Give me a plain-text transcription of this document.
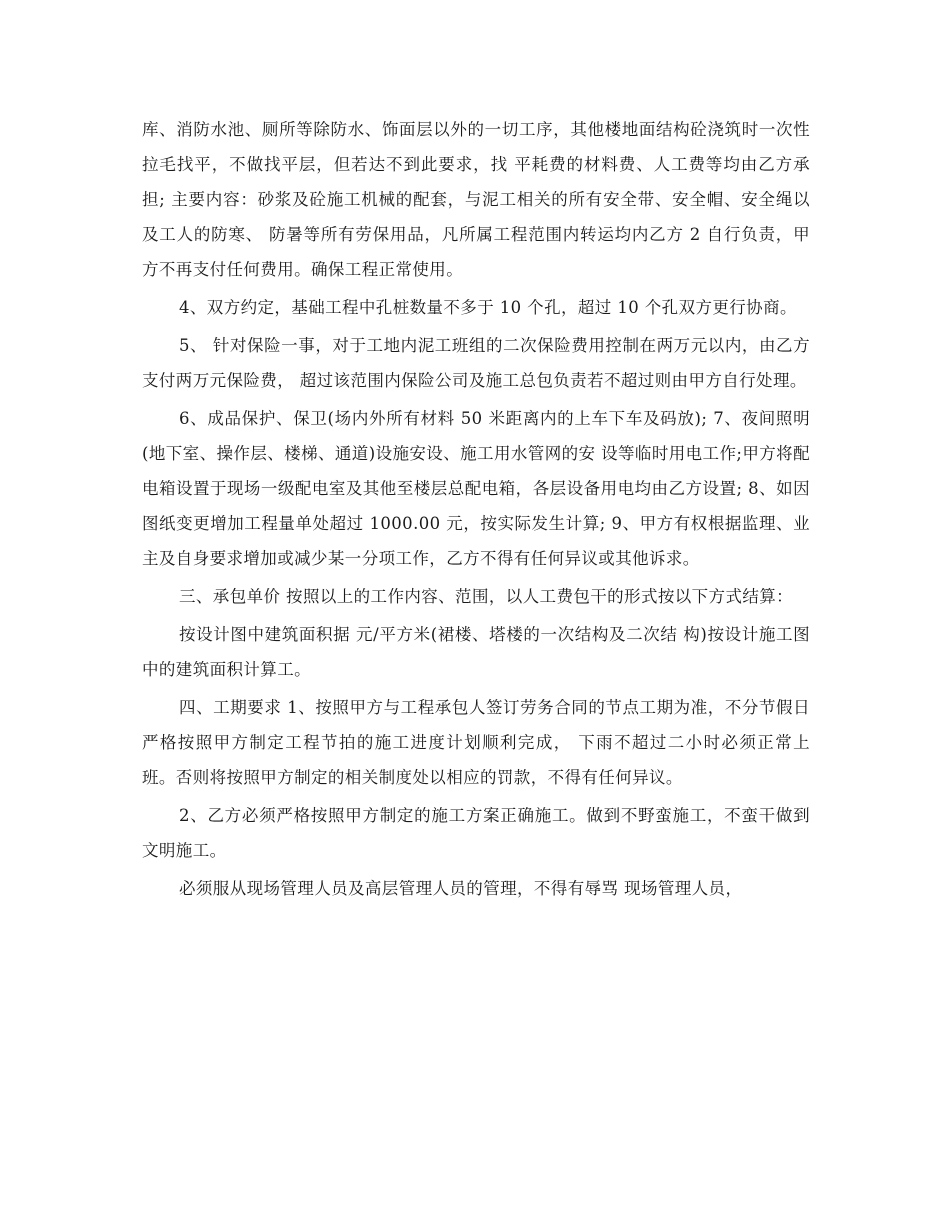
库、消防水池、厕所等除防水、饰面层以外的一切工序，其他楼地面结构砼浇筑时一次性拉毛找平，不做找平层，但若达不到此要求，找 平耗费的材料费、人工费等均由乙方承担; 主要内容：砂浆及砼施工机械的配套，与泥工相关的所有安全带、安全帽、安全绳以及工人的防寒、 防暑等所有劳保用品，凡所属工程范围内转运均内乙方 2 自行负责，甲方不再支付任何费用。确保工程正常使用。

4、双方约定，基础工程中孔桩数量不多于 10 个孔，超过 10 个孔双方更行协商。

5、 针对保险一事，对于工地内泥工班组的二次保险费用控制在两万元以内，由乙方支付两万元保险费， 超过该范围内保险公司及施工总包负责若不超过则由甲方自行处理。

6、成品保护、保卫(场内外所有材料 50 米距离内的上车下车及码放); 7、夜间照明(地下室、操作层、楼梯、通道)设施安设、施工用水管网的安 设等临时用电工作;甲方将配电箱设置于现场一级配电室及其他至楼层总配电箱，各层设备用电均由乙方设置; 8、如因图纸变更增加工程量单处超过 1000.00 元，按实际发生计算; 9、甲方有权根据监理、业主及自身要求增加或减少某一分项工作，乙方不得有任何异议或其他诉求。

三、承包单价 按照以上的工作内容、范围，以人工费包干的形式按以下方式结算：

按设计图中建筑面积据 元/平方米(裙楼、塔楼的一次结构及二次结 构)按设计施工图中的建筑面积计算工。

四、工期要求 1、按照甲方与工程承包人签订劳务合同的节点工期为准，不分节假日严格按照甲方制定工程节拍的施工进度计划顺利完成， 下雨不超过二小时必须正常上 班。否则将按照甲方制定的相关制度处以相应的罚款，不得有任何异议。

2、乙方必须严格按照甲方制定的施工方案正确施工。做到不野蛮施工，不蛮干做到文明施工。

必须服从现场管理人员及高层管理人员的管理，不得有辱骂 现场管理人员，
